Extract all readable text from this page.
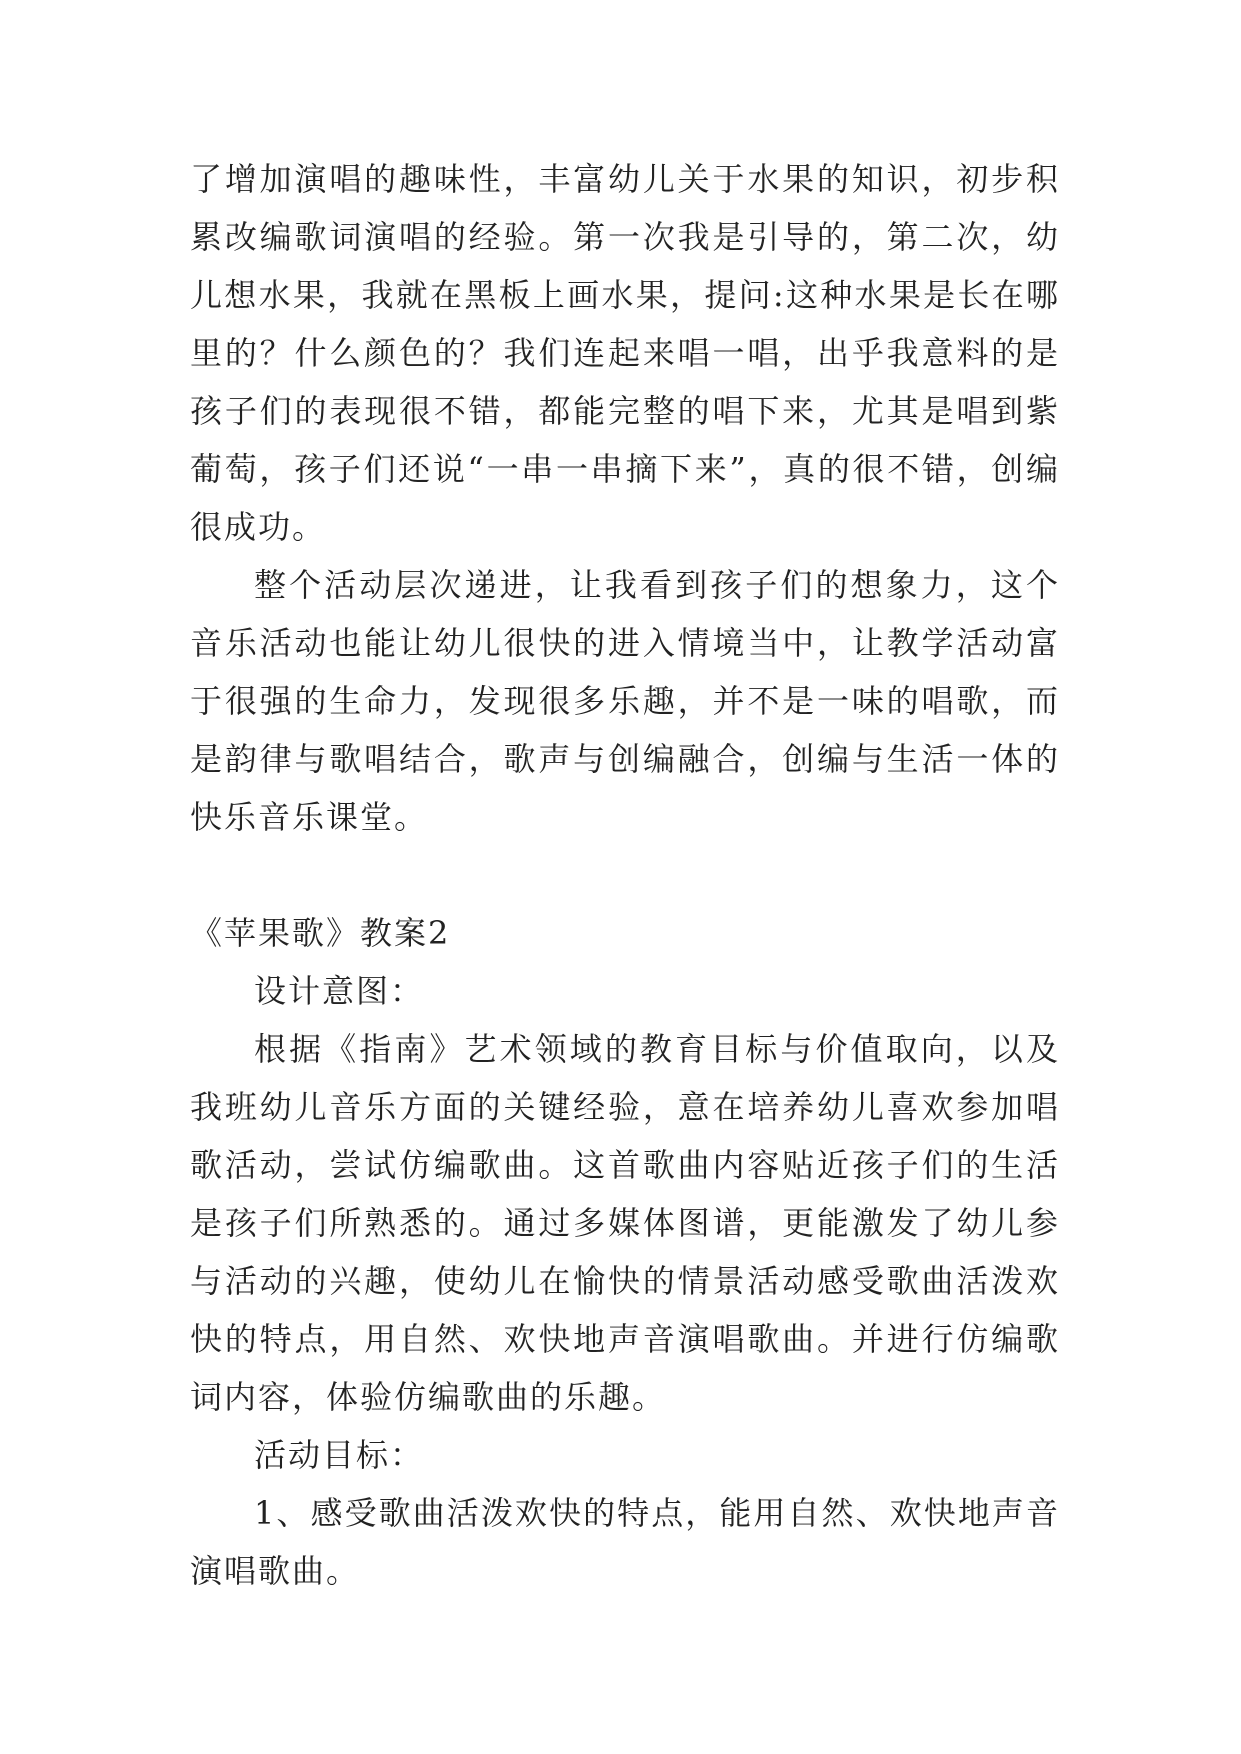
了增加演唱的趣味性，丰富幼儿关于水果的知识，初步积累改编歌词演唱的经验。第一次我是引导的，第二次，幼儿想水果，我就在黑板上画水果，提问:这种水果是长在哪里的？什么颜色的？我们连起来唱一唱，出乎我意料的是孩子们的表现很不错，都能完整的唱下来，尤其是唱到紫葡萄，孩子们还说“一串一串摘下来”，真的很不错，创编很成功。

整个活动层次递进，让我看到孩子们的想象力，这个音乐活动也能让幼儿很快的进入情境当中，让教学活动富于很强的生命力，发现很多乐趣，并不是一味的唱歌，而是韵律与歌唱结合，歌声与创编融合，创编与生活一体的快乐音乐课堂。

《苹果歌》教案2

设计意图：

根据《指南》艺术领域的教育目标与价值取向，以及我班幼儿音乐方面的关键经验，意在培养幼儿喜欢参加唱歌活动，尝试仿编歌曲。这首歌曲内容贴近孩子们的生活是孩子们所熟悉的。通过多媒体图谱，更能激发了幼儿参与活动的兴趣，使幼儿在愉快的情景活动感受歌曲活泼欢快的特点，用自然、欢快地声音演唱歌曲。并进行仿编歌词内容，体验仿编歌曲的乐趣。

活动目标：

1、感受歌曲活泼欢快的特点，能用自然、欢快地声音演唱歌曲。
